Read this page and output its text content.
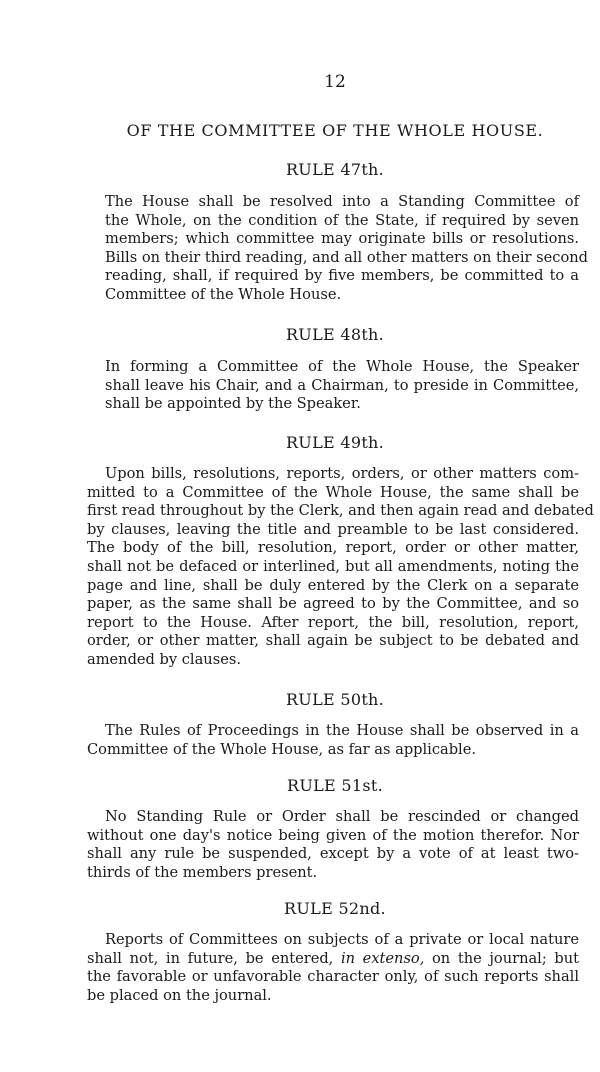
12
OF THE COMMITTEE OF THE WHOLE HOUSE.
RULE 47th.

The House shall be resolved into a Standing Committee of
the Whole, on the condition of the State, if required by seven
members; which committee may originate bills or resolutions.
Bills on their third reading, and all other matters on their second
reading, shall, if required by five members, be committed to a
Committee of the Whole House.

RULE 48th.

In forming a Committee of the Whole House, the Speaker
shall leave his Chair, and a Chairman, to preside in Committee,
shall be appointed by the Speaker.

RULE 49th.

Upon bills, resolutions, reports, orders, or other matters com-
mitted to a Committee of the Whole House, the same shall be
first read throughout by the Clerk, and then again read and debated
by clauses, leaving the title and preamble to be last considered.
The body of the bill, resolution, report, order or other matter,
shall not be defaced or interlined, but all amendments, noting the
page and line, shall be duly entered by the Clerk on a separate
paper, as the same shall be agreed to by the Committee, and so
report to the House. After report, the bill, resolution, report,
order, or other matter, shall again be subject to be debated and
amended by clauses.

RULE 50th.

The Rules of Proceedings in the House shall be observed in a
Committee of the Whole House, as far as applicable.

RULE 51st.

No Standing Rule or Order shall be rescinded or changed
without one day's notice being given of the motion therefor. Nor
shall any rule be suspended, except by a vote of at least two-
thirds of the members present.

RULE 52nd.

Reports of Committees on subjects of a private or local nature
shall not, in future, be entered, in extenso, on the journal; but
the favorable or unfavorable character only, of such reports shall
be placed on the journal.
